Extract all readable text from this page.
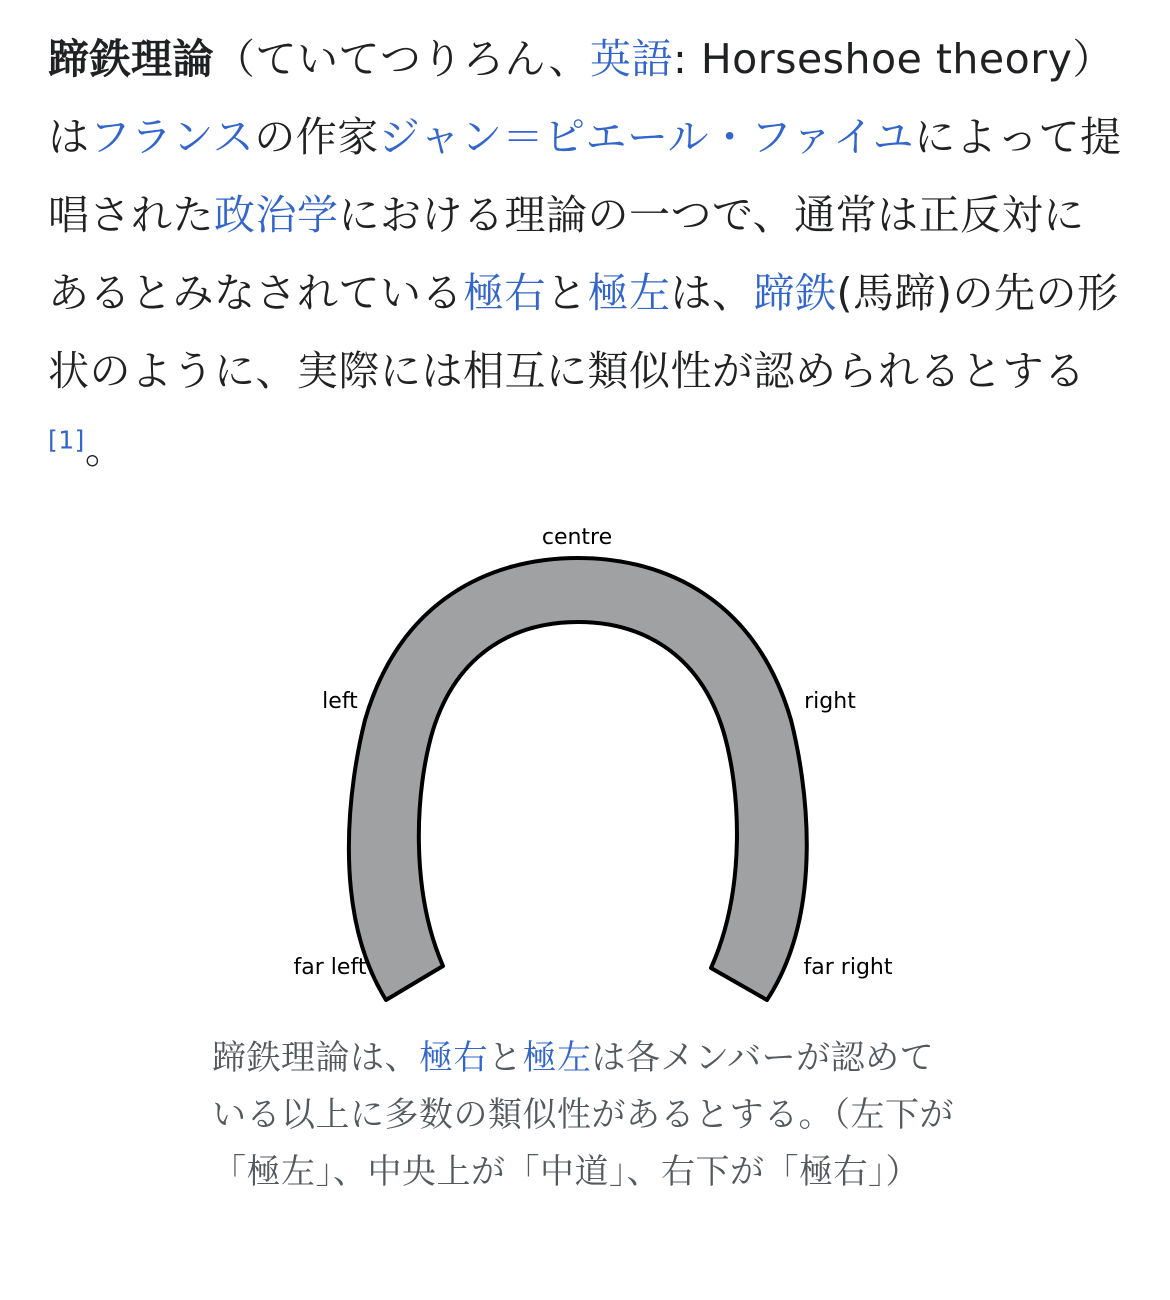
蹄鉄理論（ていてつりろん、英語: Horseshoe theory）はフランスの作家ジャン＝ピエール・ファイユによって提唱された政治学における理論の一つで、通常は正反対にあるとみなされている極右と極左は、蹄鉄(馬蹄)の先の形状のように、実際には相互に類似性が認められるとする[1]。
centre
left	right
far left	far right
蹄鉄理論は、極右と極左は各メンバーが認めている以上に多数の類似性があるとする。（左下が「極左」、中央上が「中道」、右下が「極右」）
